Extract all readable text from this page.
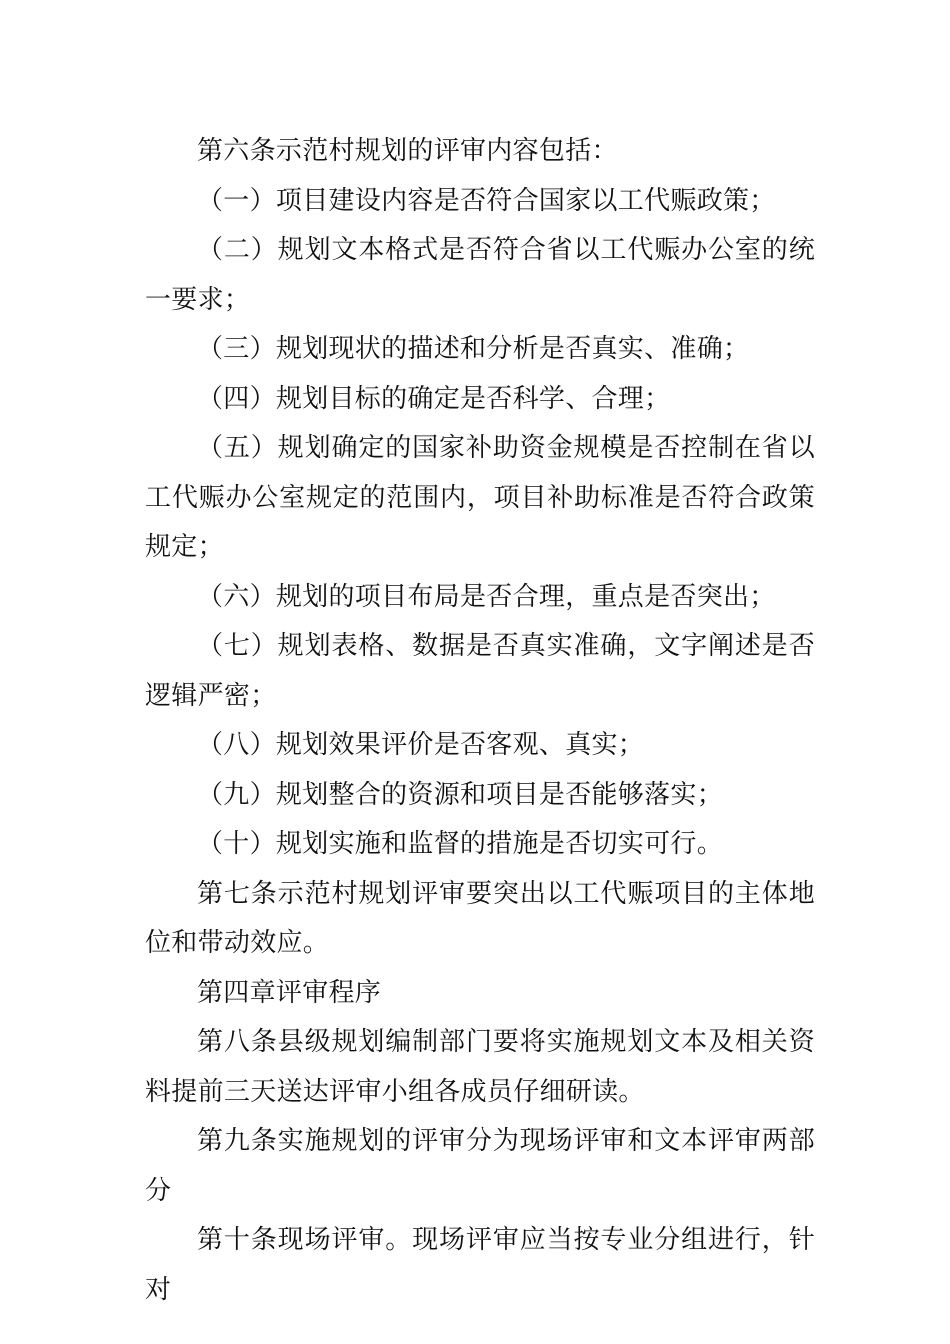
第六条示范村规划的评审内容包括：

（一）项目建设内容是否符合国家以工代赈政策；

（二）规划文本格式是否符合省以工代赈办公室的统一要求；

（三）规划现状的描述和分析是否真实、准确；

（四）规划目标的确定是否科学、合理；

（五）规划确定的国家补助资金规模是否控制在省以工代赈办公室规定的范围内，项目补助标准是否符合政策规定；

（六）规划的项目布局是否合理，重点是否突出；

（七）规划表格、数据是否真实准确，文字阐述是否逻辑严密；

（八）规划效果评价是否客观、真实；

（九）规划整合的资源和项目是否能够落实；

（十）规划实施和监督的措施是否切实可行。

第七条示范村规划评审要突出以工代赈项目的主体地位和带动效应。

第四章评审程序

第八条县级规划编制部门要将实施规划文本及相关资料提前三天送达评审小组各成员仔细研读。

第九条实施规划的评审分为现场评审和文本评审两部分

第十条现场评审。现场评审应当按专业分组进行，针对
